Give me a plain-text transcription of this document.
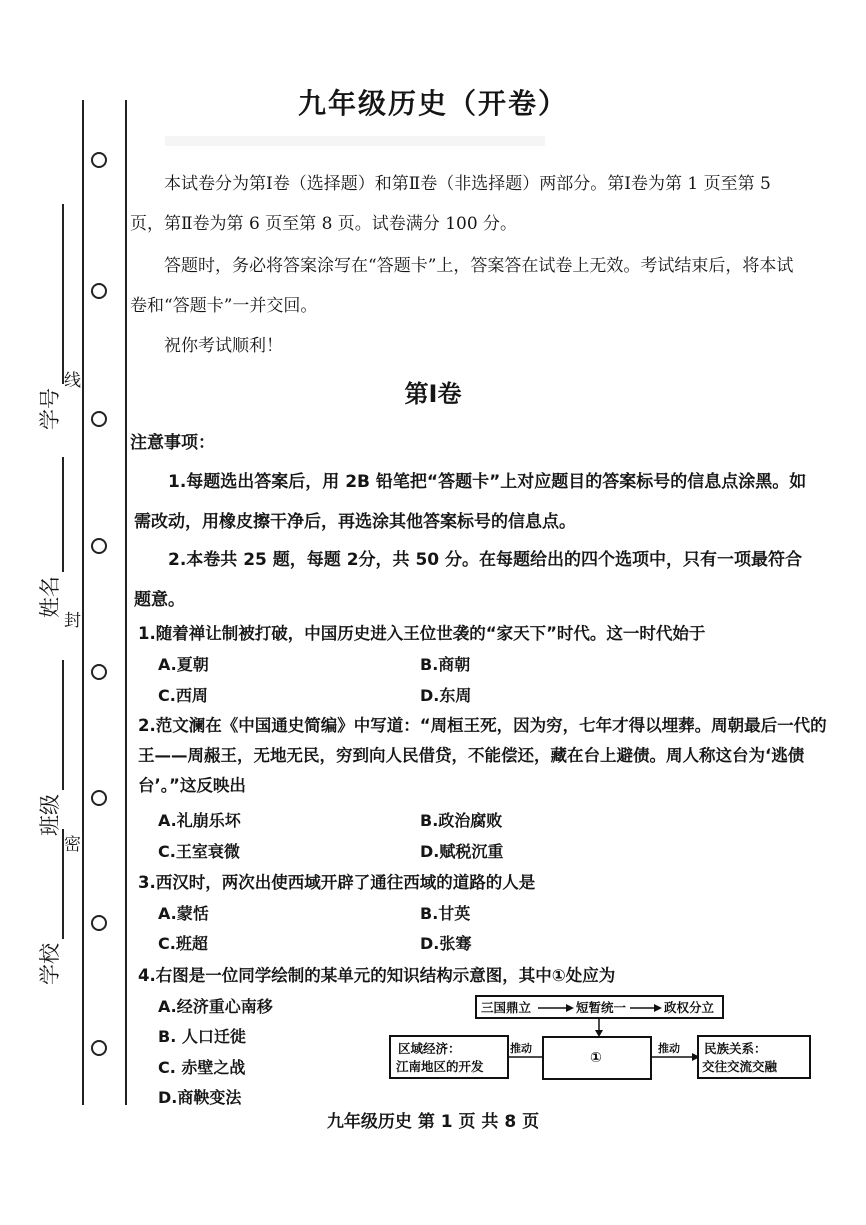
学号
姓名
班级
学校
线
封
密
九年级历史（开卷）

本试卷分为第Ⅰ卷（选择题）和第Ⅱ卷（非选择题）两部分。第Ⅰ卷为第 1 页至第 5 页，第Ⅱ卷为第 6 页至第 8 页。试卷满分 100 分。

答题时，务必将答案涂写在“答题卡”上，答案答在试卷上无效。考试结束后，将本试卷和“答题卡”一并交回。

祝你考试顺利！

第Ⅰ卷
注意事项：

1.每题选出答案后，用 2B 铅笔把“答题卡”上对应题目的答案标号的信息点涂黑。如需改动，用橡皮擦干净后，再选涂其他答案标号的信息点。

2.本卷共 25 题，每题 2分，共 50 分。在每题给出的四个选项中，只有一项最符合题意。

1.随着禅让制被打破，中国历史进入王位世袭的“家天下”时代。这一时代始于
A.夏朝	B.商朝
C.西周	D.东周

2.范文澜在《中国通史简编》中写道：“周桓王死，因为穷，七年才得以埋葬。周朝最后一代的王——周赧王，无地无民，穷到向人民借贷，不能偿还，藏在台上避债。周人称这台为‘逃债台’。”这反映出

A.礼崩乐坏	B.政治腐败
C.王室衰微	D.赋税沉重
3.西汉时，两次出使西域开辟了通往西域的道路的人是
A.蒙恬	B.甘英
C.班超	D.张骞
4.右图是一位同学绘制的某单元的知识结构示意图，其中①处应为
A.经济重心南移
B. 人口迁徙
C. 赤壁之战
D.商鞅变法
三国鼎立	短暂统一	政权分立
区域经济：
江南地区的开发
推动
①
推动 民族关系：
交往交流交融
九年级历史 第 1 页 共 8 页
